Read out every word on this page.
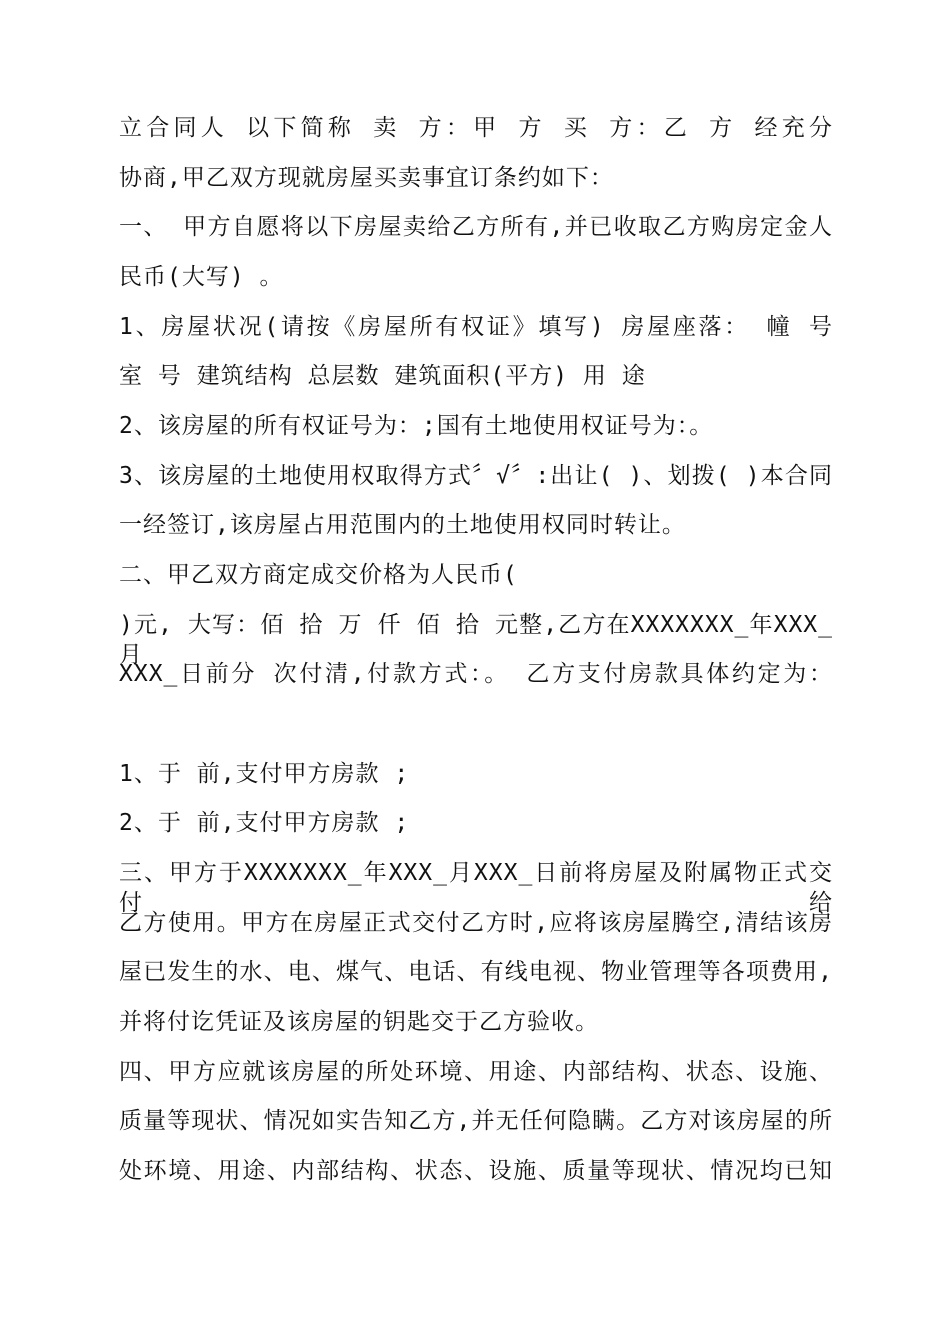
立合同人 以下简称 卖 方：甲 方 买 方：乙 方 经充分
协商,甲乙双方现就房屋买卖事宜订条约如下：
一、 甲方自愿将以下房屋卖给乙方所有,并已收取乙方购房定金人
民币(大写) 。
1、房屋状况(请按《房屋所有权证》填写) 房屋座落： 幢 号
室 号 建筑结构 总层数 建筑面积(平方) 用 途
2、该房屋的所有权证号为：;国有土地使用权证号为：。
3、该房屋的土地使用权取得方式〞√〞:出让( )、划拨( )本合同
一经签订,该房屋占用范围内的土地使用权同时转让。
二、甲乙双方商定成交价格为人民币(
)元, 大写：佰 拾 万 仟 佰 拾 元整,乙方在XXXXXXX_年XXX_月
XXX_日前分 次付清,付款方式：。 乙方支付房款具体约定为：
1、于 前,支付甲方房款 ;
2、于 前,支付甲方房款 ;
三、甲方于XXXXXXX_年XXX_月XXX_日前将房屋及附属物正式交付给
乙方使用。甲方在房屋正式交付乙方时,应将该房屋腾空,清结该房
屋已发生的水、电、煤气、电话、有线电视、物业管理等各项费用,
并将付讫凭证及该房屋的钥匙交于乙方验收。
四、甲方应就该房屋的所处环境、用途、内部结构、状态、设施、
质量等现状、情况如实告知乙方,并无任何隐瞒。乙方对该房屋的所
处环境、用途、内部结构、状态、设施、质量等现状、情况均已知
